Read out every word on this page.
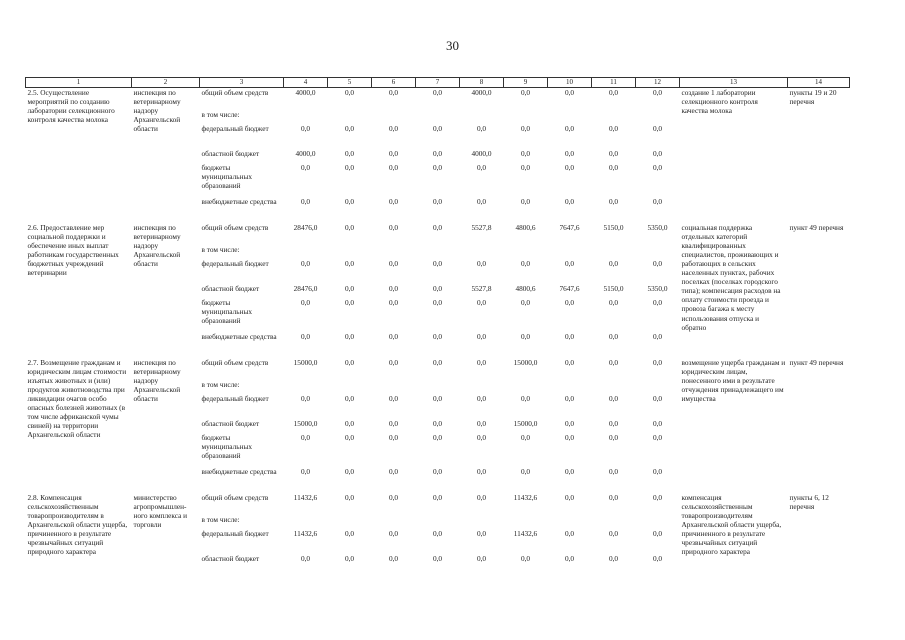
30
1	2	3	4	5	6	7	8	9	10	11	12	13	14
2.5. Осуществление мероприятий по созданию лаборатории селекционного контроля качества молока	инспекция по ветеринарному надзору Архангельской области	общий объем средств	4000,0	0,0	0,0	0,0	4000,0	0,0	0,0	0,0	0,0	создание 1 лаборатории селекционного контроля качества молока	пункты 19 и 20 перечня
		в том числе:											
		федеральный бюджет	0,0	0,0	0,0	0,0	0,0	0,0	0,0	0,0	0,0		
		областной бюджет	4000,0	0,0	0,0	0,0	4000,0	0,0	0,0	0,0	0,0		
		бюджеты муниципальных образований	0,0	0,0	0,0	0,0	0,0	0,0	0,0	0,0	0,0		
		внебюджетные средства	0,0	0,0	0,0	0,0	0,0	0,0	0,0	0,0	0,0		

2.6. Предоставление мер социальной поддержки и обеспечение иных выплат работникам государственных бюджетных учреждений ветеринарии	инспекция по ветеринарному надзору Архангельской области	общий объем средств	28476,0	0,0	0,0	0,0	5527,8	4800,6	7647,6	5150,0	5350,0	социальная поддержка отдельных категорий квалифицированных специалистов, проживающих и работающих в сельских населенных пунктах, рабочих поселках (поселках городского типа); компенсация расходов на оплату стоимости проезда и провоза багажа к месту использования отпуска и обратно	пункт 49 перечня
		в том числе:											
		федеральный бюджет	0,0	0,0	0,0	0,0	0,0	0,0	0,0	0,0	0,0		
		областной бюджет	28476,0	0,0	0,0	0,0	5527,8	4800,6	7647,6	5150,0	5350,0		
		бюджеты муниципальных образований	0,0	0,0	0,0	0,0	0,0	0,0	0,0	0,0	0,0		
		внебюджетные средства	0,0	0,0	0,0	0,0	0,0	0,0	0,0	0,0	0,0		

2.7. Возмещение гражданам и юридическим лицам стоимости изъятых животных и (или) продуктов животноводства при ликвидации очагов особо опасных болезней животных (в том числе африканской чумы свиней) на территории Архангельской области	инспекция по ветеринарному надзору Архангельской области	общий объем средств	15000,0	0,0	0,0	0,0	0,0	15000,0	0,0	0,0	0,0	возмещение ущерба гражданам и юридическим лицам, понесенного ими в результате отчуждения принадлежащего им имущества	пункт 49 перечня
		в том числе:											
		федеральный бюджет	0,0	0,0	0,0	0,0	0,0	0,0	0,0	0,0	0,0		
		областной бюджет	15000,0	0,0	0,0	0,0	0,0	15000,0	0,0	0,0	0,0		
		бюджеты муниципальных образований	0,0	0,0	0,0	0,0	0,0	0,0	0,0	0,0	0,0		
		внебюджетные средства	0,0	0,0	0,0	0,0	0,0	0,0	0,0	0,0	0,0		

2.8. Компенсация сельскохозяйственным товаропроизводителям в Архангельской области ущерба, причиненного в результате чрезвычайных ситуаций природного характера	министерство агропромышлен-ного комплекса и торговли	общий объем средств	11432,6	0,0	0,0	0,0	0,0	11432,6	0,0	0,0	0,0	компенсация сельскохозяйственным товаропроизводителям Архангельской области ущерба, причиненного в результате чрезвычайных ситуаций природного характера	пункты 6, 12 перечня
		в том числе:											
		федеральный бюджет	11432,6	0,0	0,0	0,0	0,0	11432,6	0,0	0,0	0,0		
		областной бюджет	0,0	0,0	0,0	0,0	0,0	0,0	0,0	0,0	0,0		
